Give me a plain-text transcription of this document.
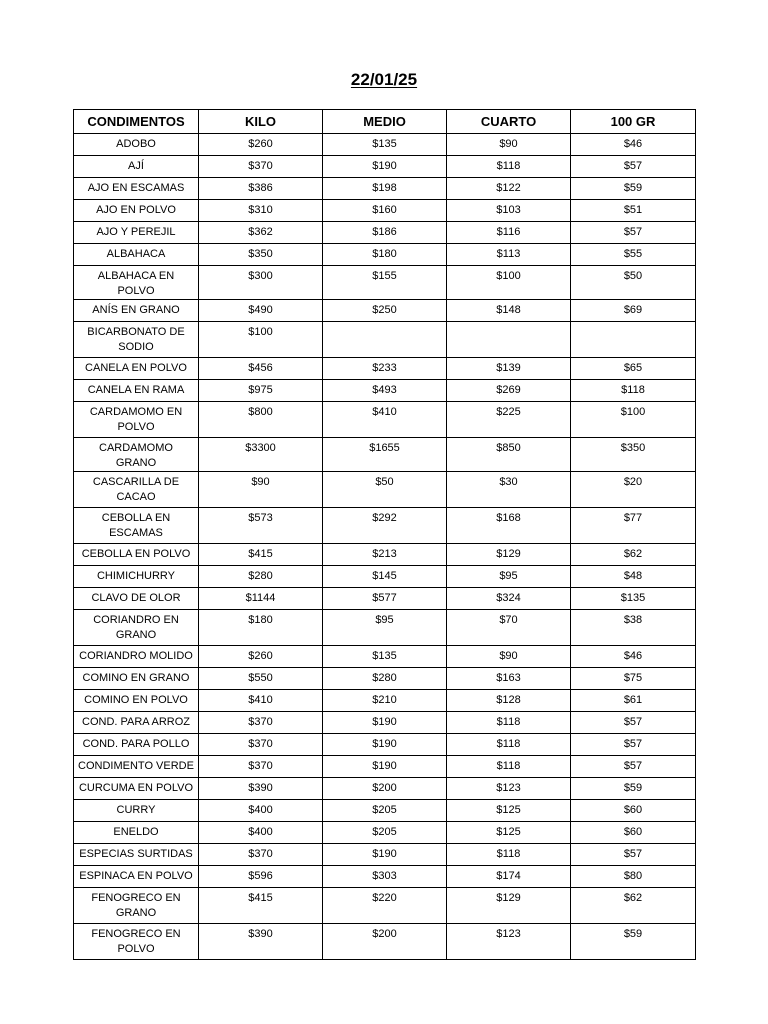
22/01/25
CONDIMENTOS	KILO	MEDIO	CUARTO	100 GR
ADOBO	$260	$135	$90	$46
AJÍ	$370	$190	$118	$57
AJO EN ESCAMAS	$386	$198	$122	$59
AJO EN POLVO	$310	$160	$103	$51
AJO Y PEREJIL	$362	$186	$116	$57
ALBAHACA	$350	$180	$113	$55
ALBAHACA EN POLVO	$300	$155	$100	$50
ANÍS EN GRANO	$490	$250	$148	$69
BICARBONATO DE SODIO	$100			
CANELA EN POLVO	$456	$233	$139	$65
CANELA EN RAMA	$975	$493	$269	$118
CARDAMOMO EN POLVO	$800	$410	$225	$100
CARDAMOMO GRANO	$3300	$1655	$850	$350
CASCARILLA DE CACAO	$90	$50	$30	$20
CEBOLLA EN ESCAMAS	$573	$292	$168	$77
CEBOLLA EN POLVO	$415	$213	$129	$62
CHIMICHURRY	$280	$145	$95	$48
CLAVO DE OLOR	$1144	$577	$324	$135
CORIANDRO EN GRANO	$180	$95	$70	$38
CORIANDRO MOLIDO	$260	$135	$90	$46
COMINO EN GRANO	$550	$280	$163	$75
COMINO EN POLVO	$410	$210	$128	$61
COND. PARA ARROZ	$370	$190	$118	$57
COND. PARA POLLO	$370	$190	$118	$57
CONDIMENTO VERDE	$370	$190	$118	$57
CURCUMA EN POLVO	$390	$200	$123	$59
CURRY	$400	$205	$125	$60
ENELDO	$400	$205	$125	$60
ESPECIAS SURTIDAS	$370	$190	$118	$57
ESPINACA EN POLVO	$596	$303	$174	$80
FENOGRECO EN GRANO	$415	$220	$129	$62
FENOGRECO EN POLVO	$390	$200	$123	$59
